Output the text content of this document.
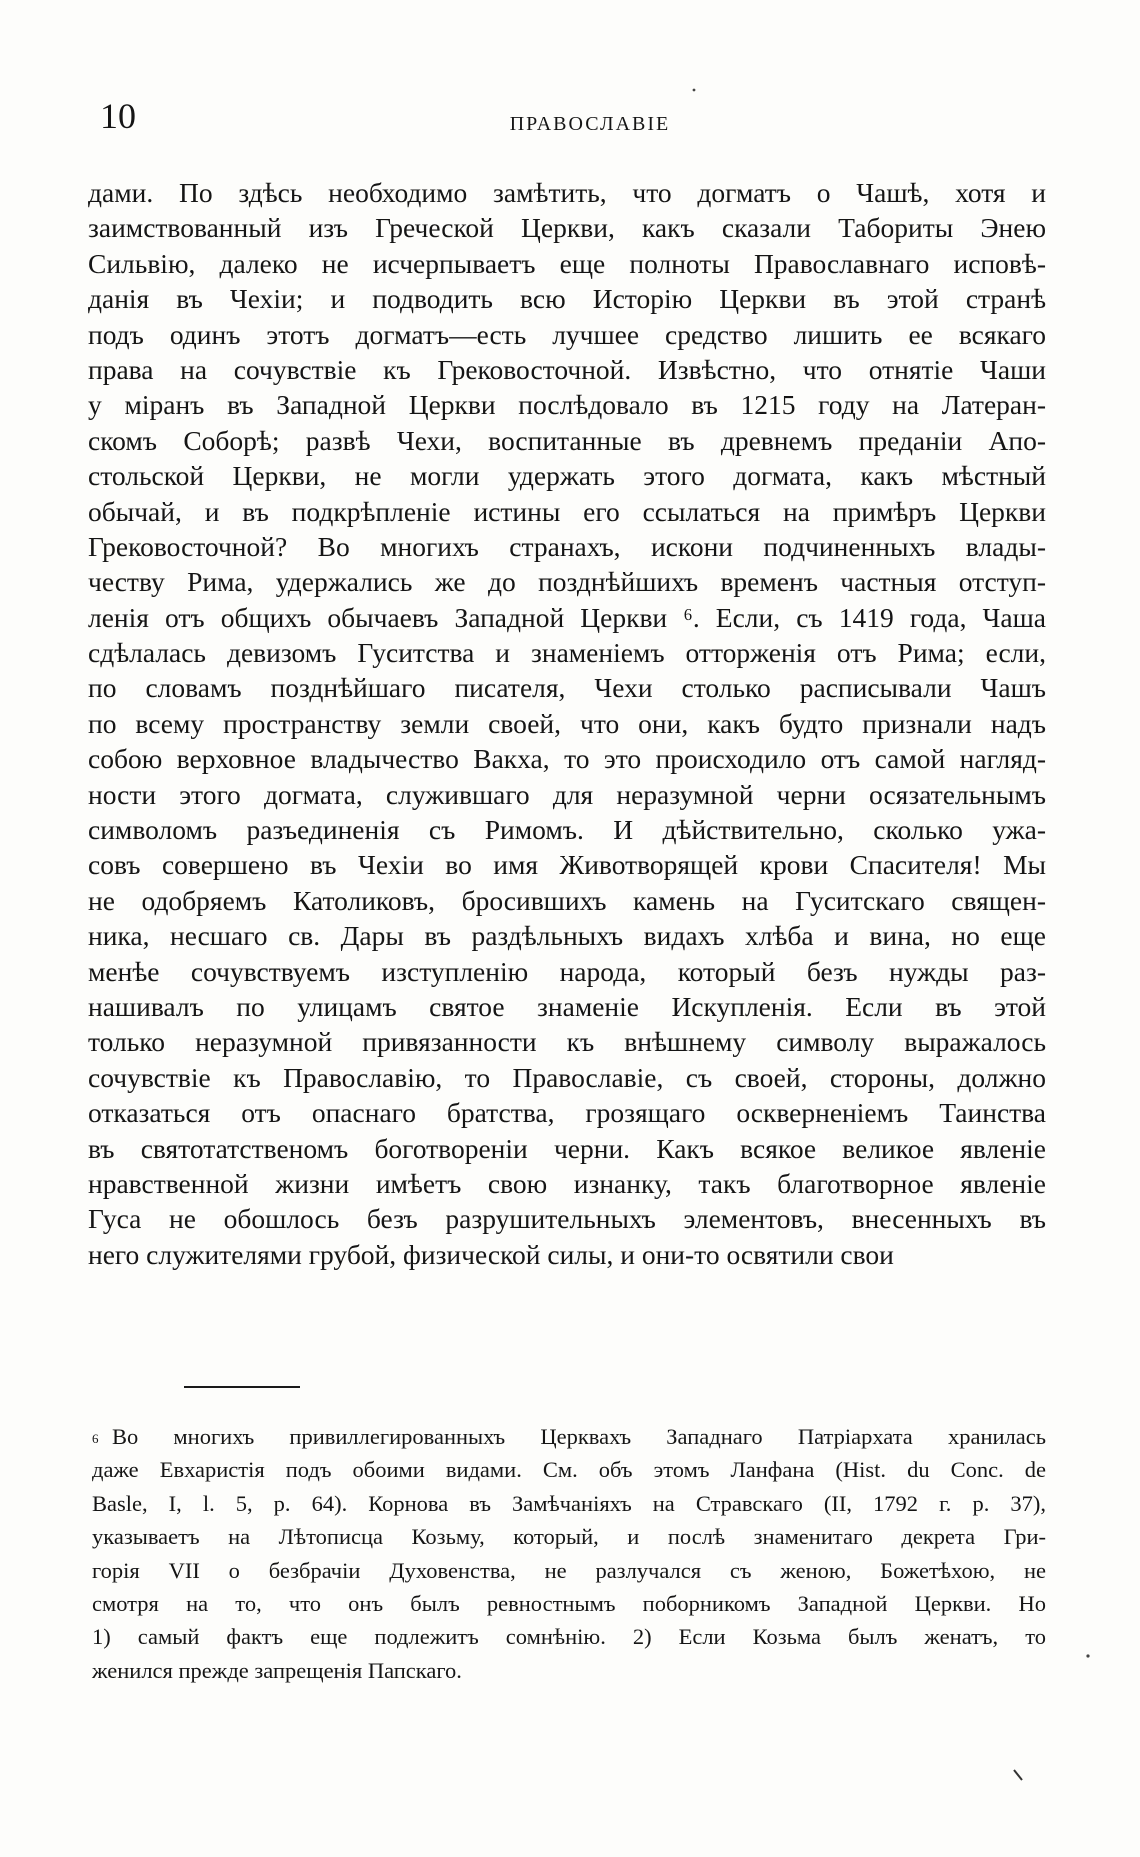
10	ПРАВОСЛАВІЕ
дами. По здѣсь необходимо замѣтить, что догматъ о Чашѣ, хотя и
заимствованный изъ Греческой Церкви, какъ сказали Табориты Энею
Сильвію, далеко не исчерпываетъ еще полноты Православнаго исповѣ-
данія въ Чехіи; и подводить всю Исторію Церкви въ этой странѣ
подъ одинъ этотъ догматъ—есть лучшее средство лишить ее всякаго
права на сочувствіе къ Грековосточной. Извѣстно, что отнятіе Чаши
у міранъ въ Западной Церкви послѣдовало въ 1215 году на Латеран-
скомъ Соборѣ; развѣ Чехи, воспитанные въ древнемъ преданіи Апо-
стольской Церкви, не могли удержать этого догмата, какъ мѣстный
обычай, и въ подкрѣпленіе истины его ссылаться на примѣръ Церкви
Грековосточной? Во многихъ странахъ, искони подчиненныхъ влады-
честву Рима, удержались же до позднѣйшихъ временъ частныя отступ-
ленія отъ общихъ обычаевъ Западной Церкви ⁶. Если, съ 1419 года, Чаша
сдѣлалась девизомъ Гуситства и знаменіемъ отторженія отъ Рима; если,
по словамъ позднѣйшаго писателя, Чехи столько расписывали Чашъ
по всему пространству земли своей, что они, какъ будто признали надъ
собою верховное владычество Вакха, то это происходило отъ самой нагляд-
ности этого догмата, служившаго для неразумной черни осязательнымъ
символомъ разъединенія съ Римомъ. И дѣйствительно, сколько ужа-
совъ совершено въ Чехіи во имя Животворящей крови Спасителя! Мы
не одобряемъ Католиковъ, бросившихъ камень на Гуситскаго священ-
ника, несшаго св. Дары въ раздѣльныхъ видахъ хлѣба и вина, но еще
менѣе сочувствуемъ изступленію народа, который безъ нужды раз-
нашивалъ по улицамъ святое знаменіе Искупленія. Если въ этой
только неразумной привязанности къ внѣшнему символу выражалось
сочувствіе къ Православію, то Православіе, съ своей, стороны, должно
отказаться отъ опаснаго братства, грозящаго оскверненіемъ Таинства
въ святотатственомъ боготвореніи черни. Какъ всякое великое явленіе
нравственной жизни имѣетъ свою изнанку, такъ благотворное явленіе
Гуса не обошлось безъ разрушительныхъ элементовъ, внесенныхъ въ
него служителями грубой, физической силы, и они-то освятили свои
6 Во многихъ привиллегированныхъ Церквахъ Западнаго Патріархата хранилась
даже Евхаристія подъ обоими видами. См. объ этомъ Ланфана (Hist. du Conc. de
Basle, I, l. 5, p. 64). Корнова въ Замѣчаніяхъ на Стравскаго (II, 1792 г. р. 37),
указываетъ на Лѣтописца Козьму, который, и послѣ знаменитаго декрета Гри-
горія VII о безбрачіи Духовенства, не разлучался съ женою, Божетѣхою, не
смотря на то, что онъ былъ ревностнымъ поборникомъ Западной Церкви. Но
1) самый фактъ еще подлежитъ сомнѣнію. 2) Если Козьма былъ женатъ, то
женился прежде запрещенія Папскаго.
